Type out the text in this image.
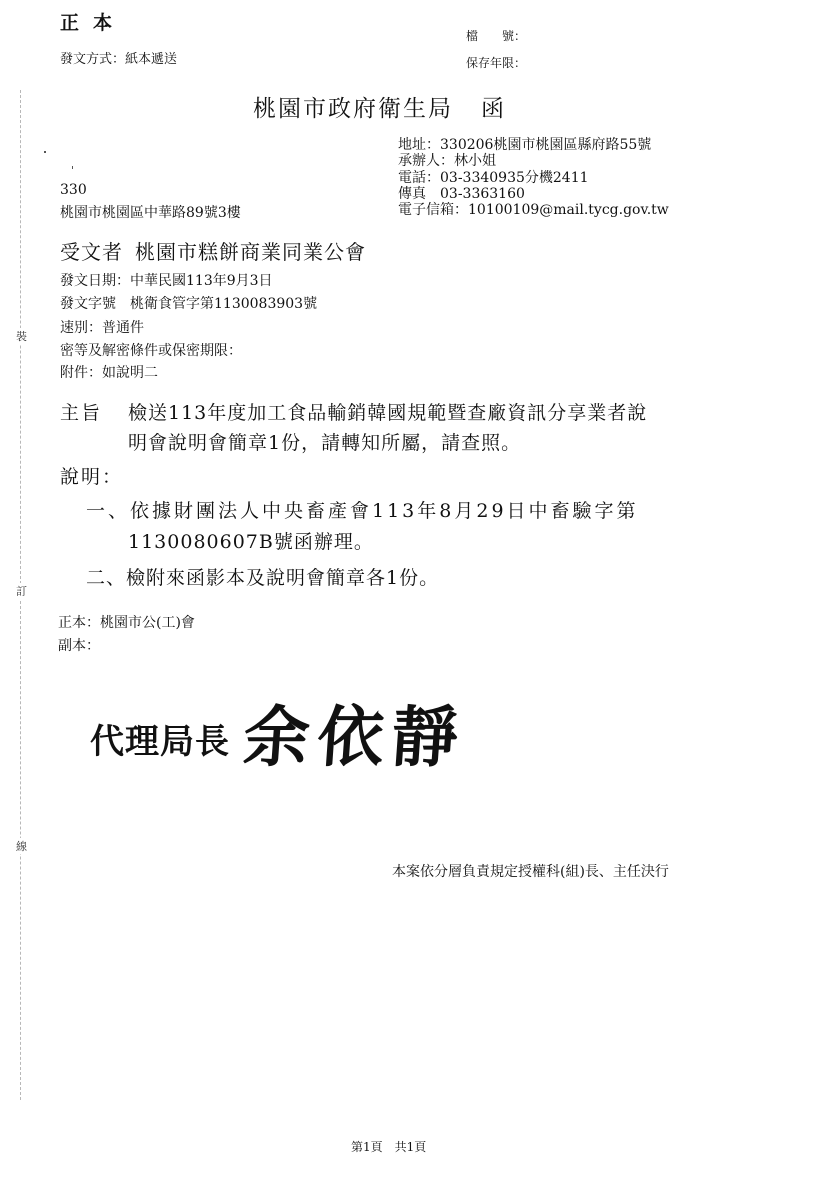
裝
訂
線
正本
發文方式：紙本遞送
檔　　號：
保存年限：
桃園市政府衛生局 函
地址：330206桃園市桃園區縣府路55號
承辦人：林小姐
電話：03-3340935分機2411
傳真　03-3363160
電子信箱：10100109@mail.tycg.gov.tw
330
桃園市桃園區中華路89號3樓
受文者 桃園市糕餅商業同業公會
發文日期：中華民國113年9月3日
發文字號　桃衛食管字第1130083903號
速別：普通件
密等及解密條件或保密期限：
附件：如說明二
主旨 檢送113年度加工食品輸銷韓國規範暨查廠資訊分享業者說
明會說明會簡章1份，請轉知所屬，請查照。
說明：
一、依據財團法人中央畜產會113年8月29日中畜驗字第
1130080607B號函辦理。
二、檢附來函影本及說明會簡章各1份。
正本：桃園市公(工)會
副本：
代理局長 余依靜
本案依分層負責規定授權科(組)長、主任決行
第1頁　共1頁
